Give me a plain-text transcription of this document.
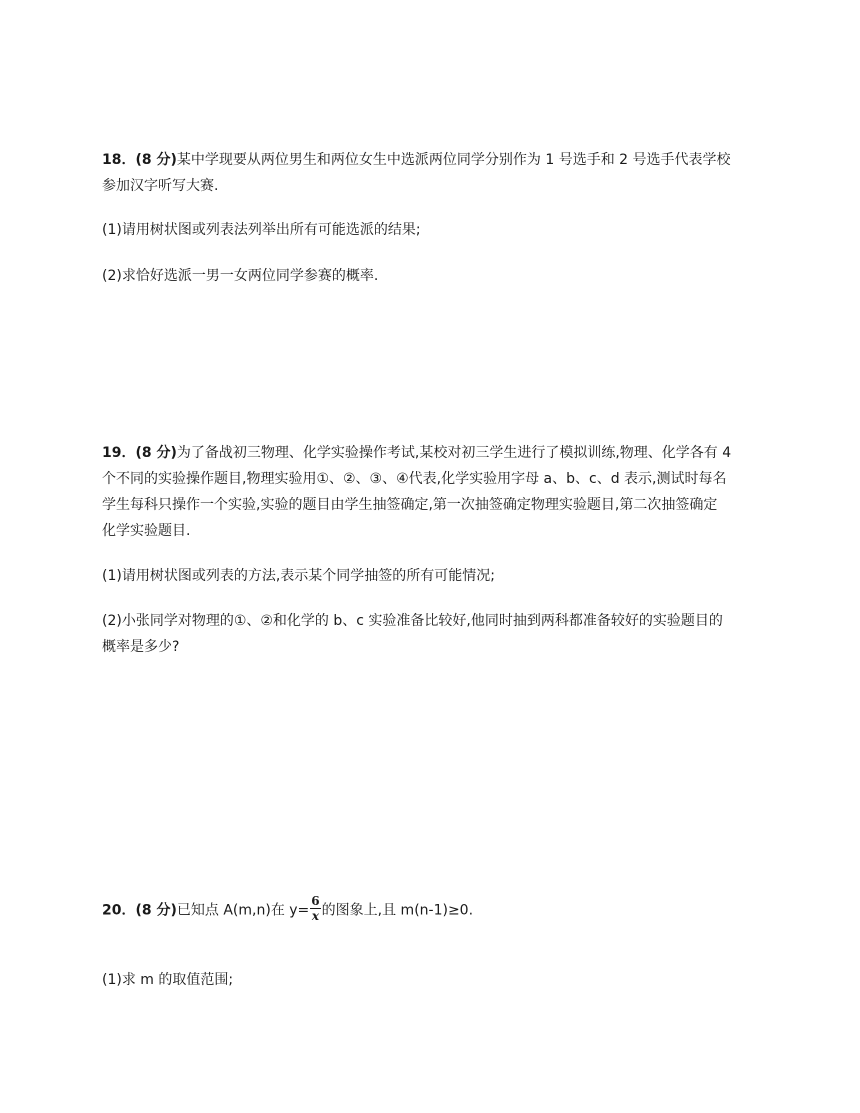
18．(8 分)某中学现要从两位男生和两位女生中选派两位同学分别作为 1 号选手和 2 号选手代表学校
参加汉字听写大赛.
(1)请用树状图或列表法列举出所有可能选派的结果;
(2)求恰好选派一男一女两位同学参赛的概率.
19．(8 分)为了备战初三物理、化学实验操作考试,某校对初三学生进行了模拟训练,物理、化学各有 4
个不同的实验操作题目,物理实验用①、②、③、④代表,化学实验用字母 a、b、c、d 表示,测试时每名
学生每科只操作一个实验,实验的题目由学生抽签确定,第一次抽签确定物理实验题目,第二次抽签确定
化学实验题目.
(1)请用树状图或列表的方法,表示某个同学抽签的所有可能情况;
(2)小张同学对物理的①、②和化学的 b、c 实验准备比较好,他同时抽到两科都准备较好的实验题目的
概率是多少?
20．(8 分)已知点 A(m,n)在 $y= \frac{6}{x}$ 的图象上,且 m(n-1)≥0.
(1)求 m 的取值范围;
